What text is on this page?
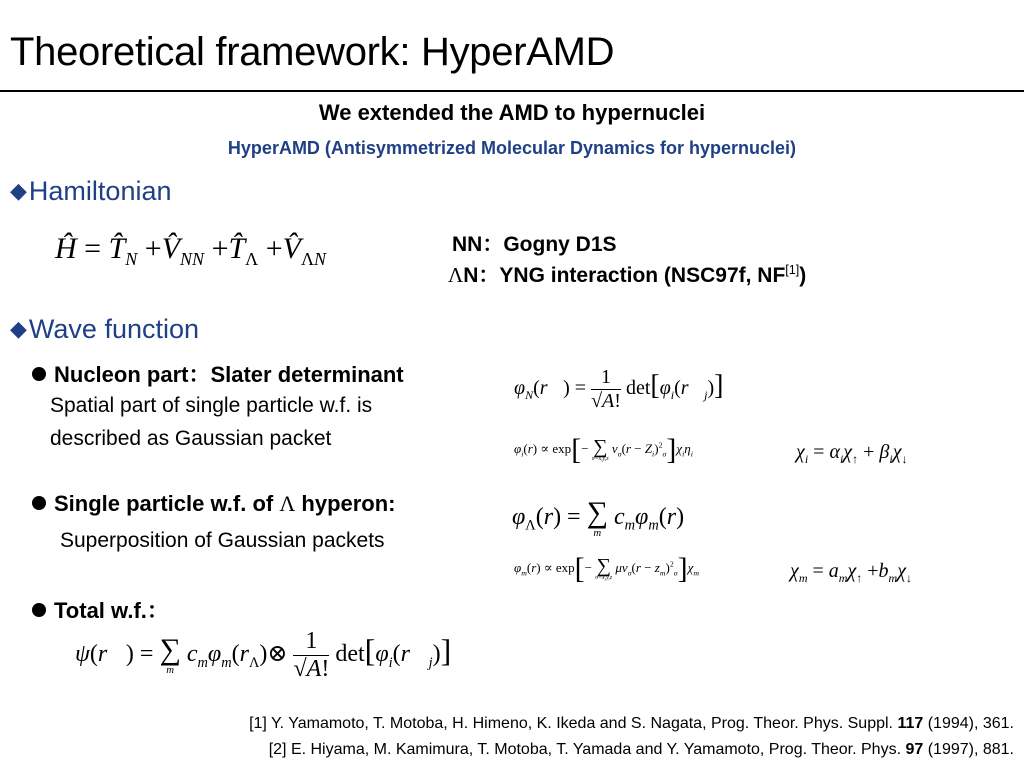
Theoretical framework: HyperAMD
We extended the AMD to hypernuclei
HyperAMD (Antisymmetrized Molecular Dynamics for hypernuclei)
◆Hamiltonian
Ĥ = $T̂_N$ $+V̂_{NN}$ $+T̂_\Lambda$ $+V̂_{\Lambda N}$
NN：Gogny D1S
ΛN：YNG interaction (NSC97f, NF[1])
◆Wave function
Nucleon part：Slater determinant
Spatial part of single particle w.f. is
described as Gaussian packet
$\varphi_N(r⃗) = \frac{1}{√A!}$ $\det[\varphi_i(r⃗_j)]$
$\varphi_i(r) \propto \exp[-$ ∑
σ=x,y,z
$\nu_\sigma(r - Z_i)^2_\sigma]\chi_i\eta_i$	$\chi_i = \alpha_i\chi_↑ + \beta_i\chi_↓$
Single particle w.f. of Λ hyperon:
Superposition of Gaussian packets
$\varphi_\Lambda(r)$ = ∑
m
$c_m\varphi_m(r)$
$\varphi_m(r) \propto \exp[-$ ∑
σ=x,y,z
$\mu\nu_\sigma(r - z_m)^2_\sigma]\chi_m$	$\chi_m = a_m\chi_↑ +b_m\chi_↓$
Total w.f.：
ψ(r⃗) = ∑
m
$c_m\varphi_m(r_\Lambda)\otimes \frac{1}{√A!}$ $\det[\varphi_i(r⃗_j)]$
[1] Y. Yamamoto, T. Motoba, H. Himeno, K. Ikeda and S. Nagata, Prog. Theor. Phys. Suppl. 117 (1994), 361.
[2] E. Hiyama, M. Kamimura, T. Motoba, T. Yamada and Y. Yamamoto, Prog. Theor. Phys. 97 (1997), 881.
